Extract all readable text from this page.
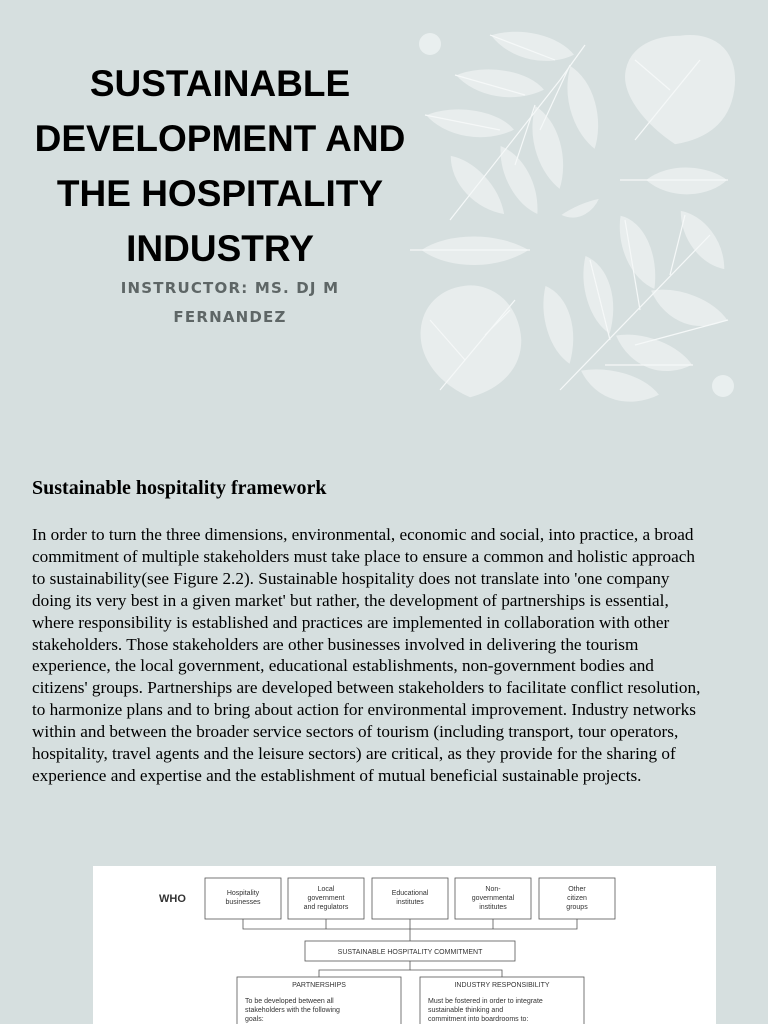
SUSTAINABLE
DEVELOPMENT AND
THE HOSPITALITY
INDUSTRY
INSTRUCTOR: MS. DJ M
FERNANDEZ
Sustainable hospitality framework

In order to turn the three dimensions, environmental, economic and social, into practice, a broad commitment of multiple stakeholders must take place to ensure a common and holistic approach to sustainability(see Figure 2.2). Sustainable hospitality does not translate into 'one company doing its very best in a given market' but rather, the development of partnerships is essential, where responsibility is established and practices are implemented in collaboration with other stakeholders. Those stakeholders are other businesses involved in delivering the tourism experience, the local government, educational establishments, non-government bodies and citizens' groups. Partnerships are developed between stakeholders to facilitate conflict resolution, to harmonize plans and to bring about action for environmental improvement. Industry networks within and between the broader service sectors of tourism (including transport, tour operators, hospitality, travel agents and the leisure sectors) are critical, as they provide for the sharing of experience and expertise and the establishment of mutual beneficial sustainable projects.

WHO	Hospitality
businesses
Local
government
and regulators
Educational
institutes
Non-
governmental
institutes
Other
citizen
groups
SUSTAINABLE HOSPITALITY COMMITMENT
PARTNERSHIPS	INDUSTRY RESPONSIBILITY
To be developed between all
stakeholders with the following
goals:
Must be fostered in order to integrate
sustainable thinking and
commitment into boardrooms to:
